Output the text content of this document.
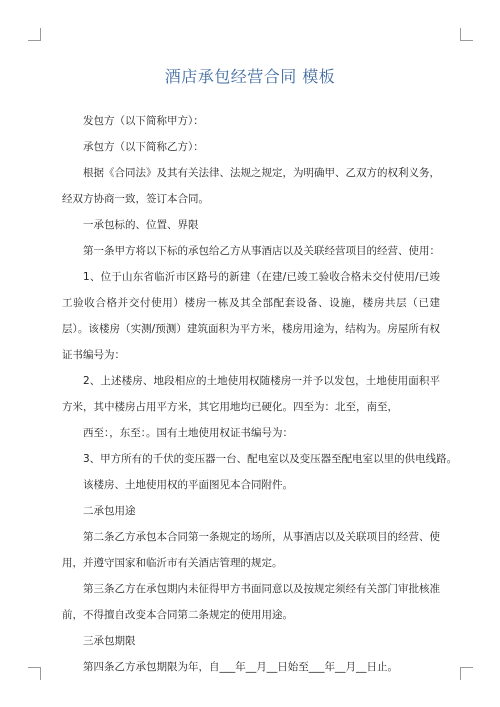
酒店承包经营合同 模板

发包方（以下简称甲方）：

承包方（以下简称乙方）：

根据《合同法》及其有关法律、法规之规定，为明确甲、乙双方的权利义务，经双方协商一致，签订本合同。

一承包标的、位置、界限

第一条甲方将以下标的承包给乙方从事酒店以及关联经营项目的经营、使用：

1、位于山东省临沂市区路号的新建（在建/已竣工验收合格未交付使用/已竣工验收合格并交付使用）楼房一栋及其全部配套设备、设施，楼房共层（已建层）。该楼房（实测/预测）建筑面积为平方米，楼房用途为，结构为。房屋所有权证书编号为：

2、上述楼房、地段相应的土地使用权随楼房一并予以发包，土地使用面积平方米，其中楼房占用平方米，其它用地均已硬化。四至为：北至，南至，

西至：，东至：。国有土地使用权证书编号为：

3、甲方所有的千伏的变压器一台、配电室以及变压器至配电室以里的供电线路。

该楼房、土地使用权的平面图见本合同附件。

二承包用途

第二条乙方承包本合同第一条规定的场所，从事酒店以及关联项目的经营、使用，并遵守国家和临沂市有关酒店管理的规定。

第三条乙方在承包期内未征得甲方书面同意以及按规定须经有关部门审批核准前，不得擅自改变本合同第二条规定的使用用途。

三承包期限

第四条乙方承包期限为年，自___年__月__日始至___年__月__日止。
